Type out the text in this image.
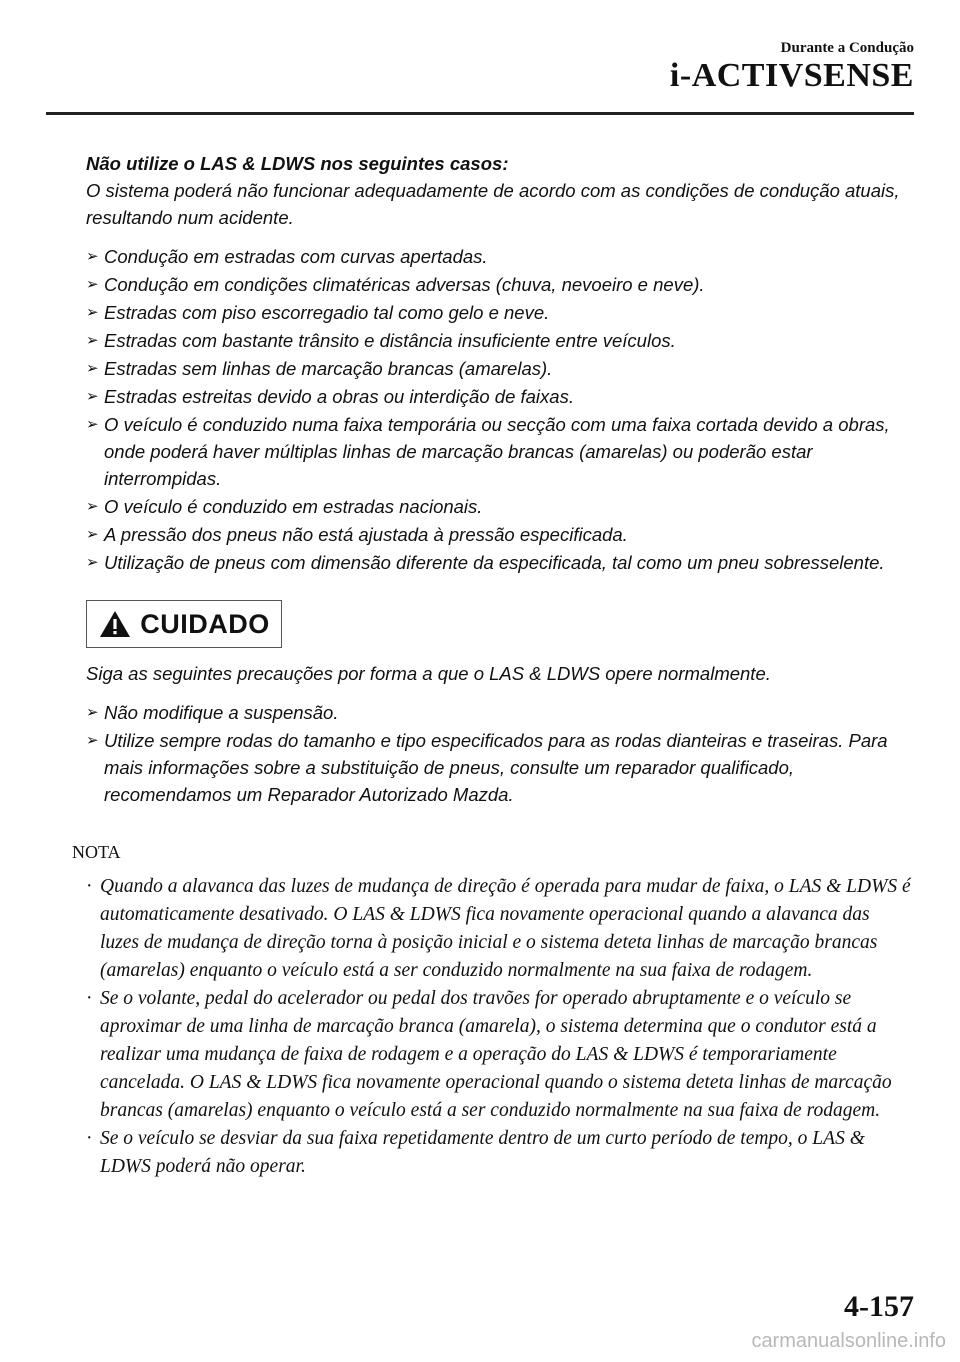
Durante a Condução
i-ACTIVSENSE
Não utilize o LAS & LDWS nos seguintes casos:
O sistema poderá não funcionar adequadamente de acordo com as condições de condução atuais, resultando num acidente.
➢ Condução em estradas com curvas apertadas.
➢ Condução em condições climatéricas adversas (chuva, nevoeiro e neve).
➢ Estradas com piso escorregadio tal como gelo e neve.
➢ Estradas com bastante trânsito e distância insuficiente entre veículos.
➢ Estradas sem linhas de marcação brancas (amarelas).
➢ Estradas estreitas devido a obras ou interdição de faixas.
➢ O veículo é conduzido numa faixa temporária ou secção com uma faixa cortada devido a obras, onde poderá haver múltiplas linhas de marcação brancas (amarelas) ou poderão estar interrompidas.
➢ O veículo é conduzido em estradas nacionais.
➢ A pressão dos pneus não está ajustada à pressão especificada.
➢ Utilização de pneus com dimensão diferente da especificada, tal como um pneu sobresselente.
CUIDADO
Siga as seguintes precauções por forma a que o LAS & LDWS opere normalmente.
➢ Não modifique a suspensão.
➢ Utilize sempre rodas do tamanho e tipo especificados para as rodas dianteiras e traseiras. Para mais informações sobre a substituição de pneus, consulte um reparador qualificado, recomendamos um Reparador Autorizado Mazda.
NOTA
· Quando a alavanca das luzes de mudança de direção é operada para mudar de faixa, o LAS & LDWS é automaticamente desativado. O LAS & LDWS fica novamente operacional quando a alavanca das luzes de mudança de direção torna à posição inicial e o sistema deteta linhas de marcação brancas (amarelas) enquanto o veículo está a ser conduzido normalmente na sua faixa de rodagem.
· Se o volante, pedal do acelerador ou pedal dos travões for operado abruptamente e o veículo se aproximar de uma linha de marcação branca (amarela), o sistema determina que o condutor está a realizar uma mudança de faixa de rodagem e a operação do LAS & LDWS é temporariamente cancelada. O LAS & LDWS fica novamente operacional quando o sistema deteta linhas de marcação brancas (amarelas) enquanto o veículo está a ser conduzido normalmente na sua faixa de rodagem.
· Se o veículo se desviar da sua faixa repetidamente dentro de um curto período de tempo, o LAS & LDWS poderá não operar.
4-157
carmanualsonline.info
